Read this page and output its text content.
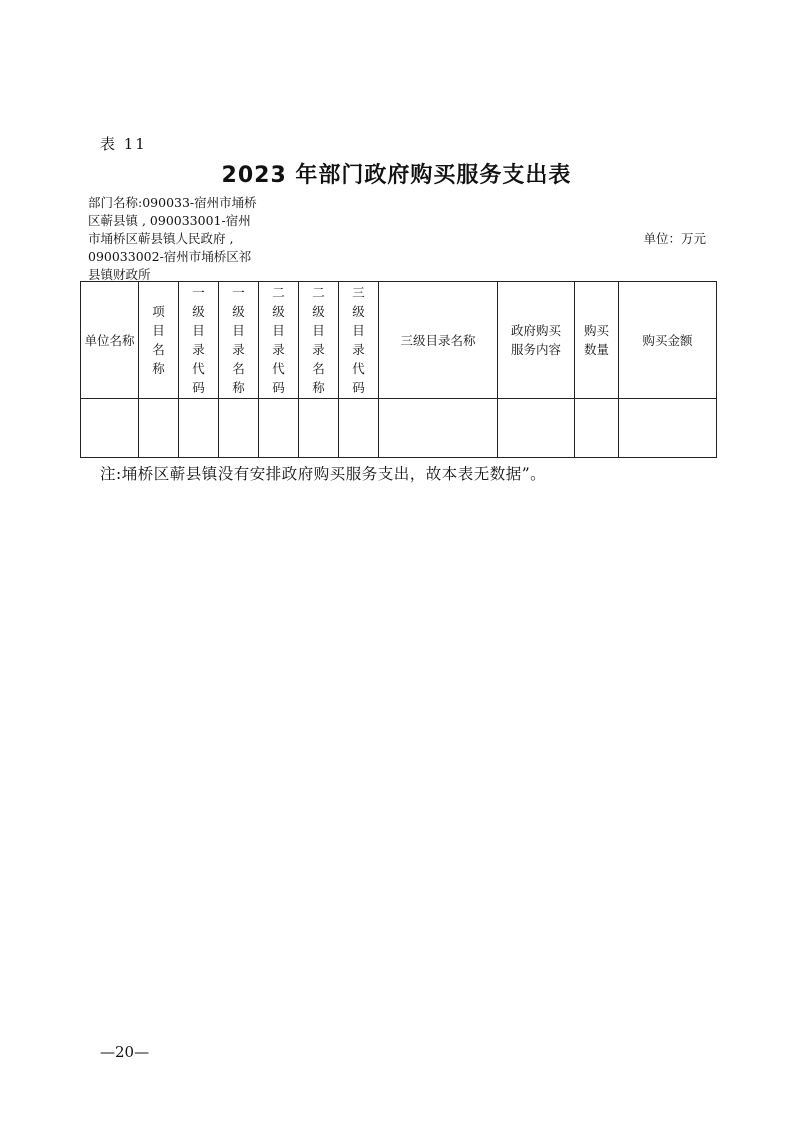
表 11
2023 年部门政府购买服务支出表
部门名称:090033-宿州市埇桥区蕲县镇 , 090033001-宿州市埇桥区蕲县镇人民政府 , 090033002-宿州市埇桥区祁县镇财政所
单位：万元
单位名称	项目名称	一级目录代码	一级目录名称	二级目录代码	二级目录名称	三级目录代码	三级目录名称	政府购买服务内容	购买数量	购买金额

注:埇桥区蕲县镇没有安排政府购买服务支出，故本表无数据”。
—20—
